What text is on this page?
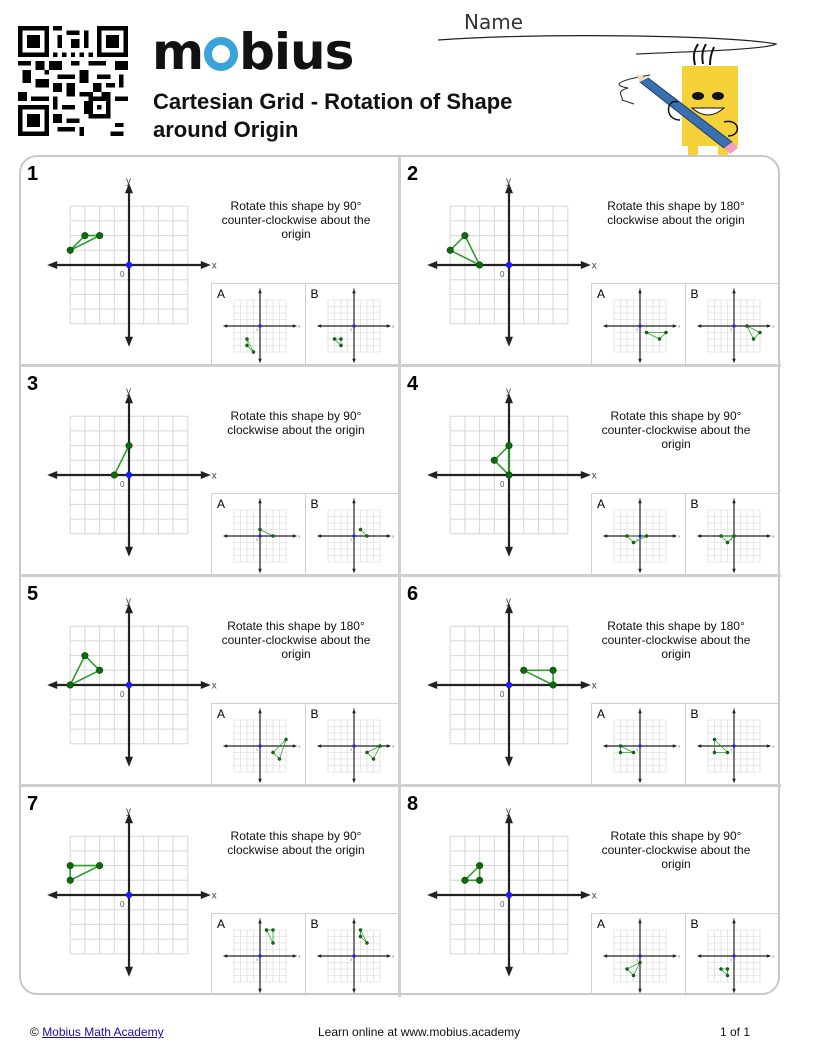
m bius
Cartesian Grid - Rotation of Shape around Origin
Name
1
x
y
0
Rotate this shape by 90° counter-clockwise about the origin
x
y
0
A
x
y
0
B
2
x
y
0
Rotate this shape by 180° clockwise about the origin
x
y
0
A
x
y
0
B
3
x
y
0
Rotate this shape by 90° clockwise about the origin
x
y
0
A
x
y
0
B
4
x
y
0
Rotate this shape by 90° counter-clockwise about the origin
x
y
0
A
x
y
0
B
5
x
y
0
Rotate this shape by 180° counter-clockwise about the origin
x
y
0
A
x
y
0
B
6
x
y
0
Rotate this shape by 180° counter-clockwise about the origin
x
y
0
A
x
y
0
B
7
x
y
0
Rotate this shape by 90° clockwise about the origin
x
y
0
A
x
y
0
B
8
x
y
0
Rotate this shape by 90° counter-clockwise about the origin
x
y
0
A
x
y
0
B
© Mobius Math Academy	Learn online at www.mobius.academy	1 of 1
